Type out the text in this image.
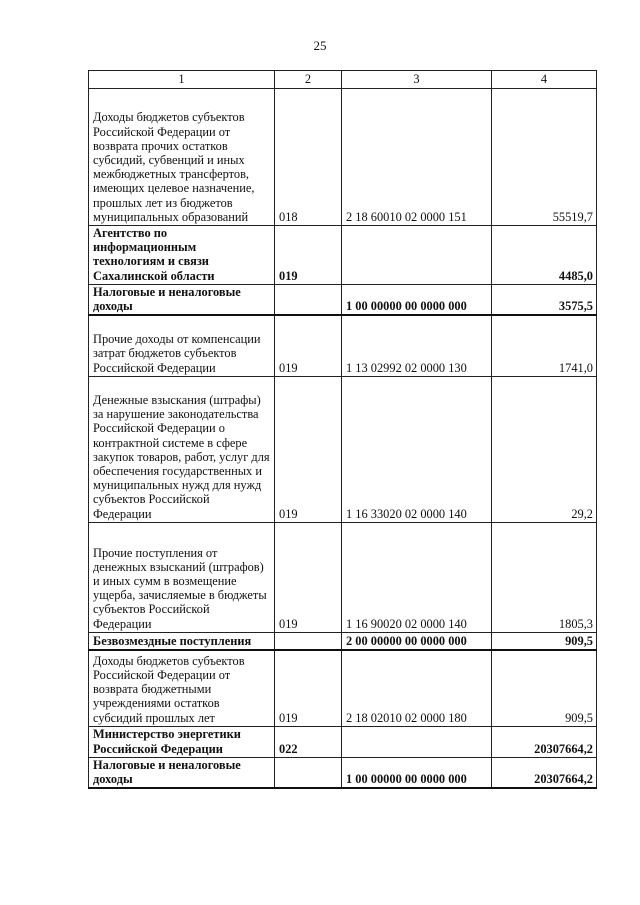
25
1	2	3	4
Доходы бюджетов субъектов Российской Федерации от возврата прочих остатков субсидий, субвенций и иных межбюджетных трансфертов, имеющих целевое назначение, прошлых лет из бюджетов муниципальных образований	018	2 18 60010 02 0000 151	55519,7
Агентство по информационным технологиям и связи Сахалинской области	019		4485,0
Налоговые и неналоговые доходы		1 00 00000 00 0000 000	3575,5
Прочие доходы от компенсации затрат бюджетов субъектов Российской Федерации	019	1 13 02992 02 0000 130	1741,0
Денежные взыскания (штрафы) за нарушение законодательства Российской Федерации о контрактной системе в сфере закупок товаров, работ, услуг для обеспечения государственных и муниципальных нужд для нужд субъектов Российской Федерации	019	1 16 33020 02 0000 140	29,2
Прочие поступления от денежных взысканий (штрафов) и иных сумм в возмещение ущерба, зачисляемые в бюджеты субъектов Российской Федерации	019	1 16 90020 02 0000 140	1805,3
Безвозмездные поступления		2 00 00000 00 0000 000	909,5
Доходы бюджетов субъектов Российской Федерации от возврата бюджетными учреждениями остатков субсидий прошлых лет	019	2 18 02010 02 0000 180	909,5
Министерство энергетики Российской Федерации	022		20307664,2
Налоговые и неналоговые доходы		1 00 00000 00 0000 000	20307664,2
